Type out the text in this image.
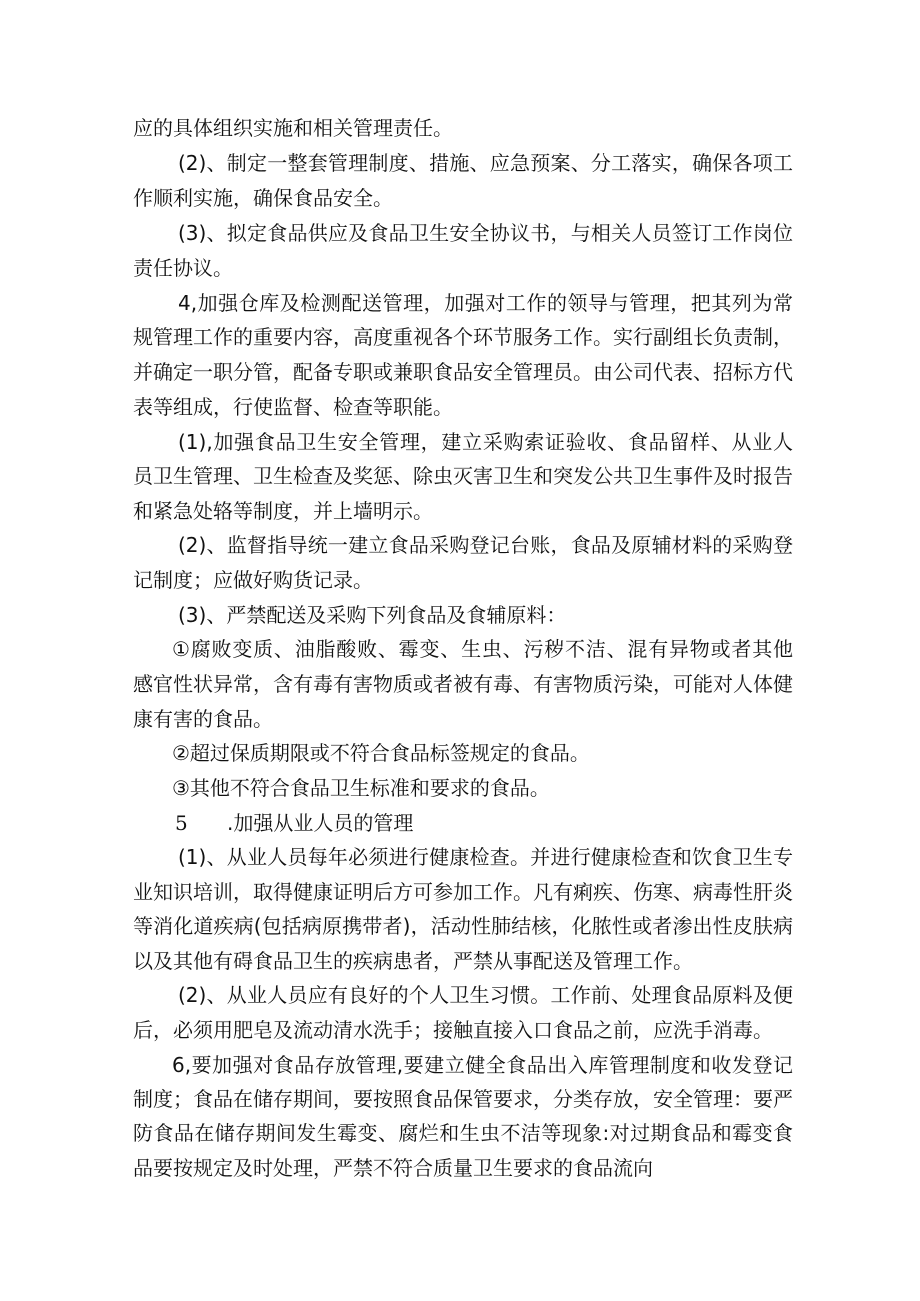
应的具体组织实施和相关管理责任。
(2)、制定一整套管理制度、措施、应急预案、分工落实，确保各项工
作顺利实施，确保食品安全。
(3)、拟定食品供应及食品卫生安全协议书，与相关人员签订工作岗位
责任协议。
4,加强仓库及检测配送管理，加强对工作的领导与管理，把其列为常
规管理工作的重要内容，高度重视各个环节服务工作。实行副组长负责制，
并确定一职分管，配备专职或兼职食品安全管理员。由公司代表、招标方代
表等组成，行使监督、检查等职能。
(1),加强食品卫生安全管理，建立采购索证验收、食品留样、从业人
员卫生管理、卫生检查及奖惩、除虫灭害卫生和突发公共卫生事件及时报告
和紧急处辂等制度，并上墙明示。
(2)、监督指导统一建立食品采购登记台账，食品及原辅材料的采购登
记制度；应做好购货记录。
(3)、严禁配送及采购下列食品及食辅原料：
①腐败变质、油脂酸败、霉变、生虫、污秽不洁、混有异物或者其他
感官性状异常，含有毒有害物质或者被有毒、有害物质污染，可能对人体健
康有害的食品。
②超过保质期限或不符合食品标签规定的食品。
③其他不符合食品卫生标准和要求的食品。
5 .加强从业人员的管理
(1)、从业人员每年必须进行健康检查。并进行健康检查和饮食卫生专
业知识培训，取得健康证明后方可参加工作。凡有痢疾、伤寒、病毒性肝炎
等消化道疾病(包括病原携带者)，活动性肺结核，化脓性或者渗出性皮肤病
以及其他有碍食品卫生的疾病患者，严禁从事配送及管理工作。
(2)、从业人员应有良好的个人卫生习惯。工作前、处理食品原料及便
后，必须用肥皂及流动清水洗手；接触直接入口食品之前，应洗手消毒。
6,要加强对食品存放管理,要建立健全食品出入库管理制度和收发登记
制度；食品在储存期间，要按照食品保管要求，分类存放，安全管理：要严
防食品在储存期间发生霉变、腐烂和生虫不洁等现象:对过期食品和霉变食
品要按规定及时处理，严禁不符合质量卫生要求的食品流向
